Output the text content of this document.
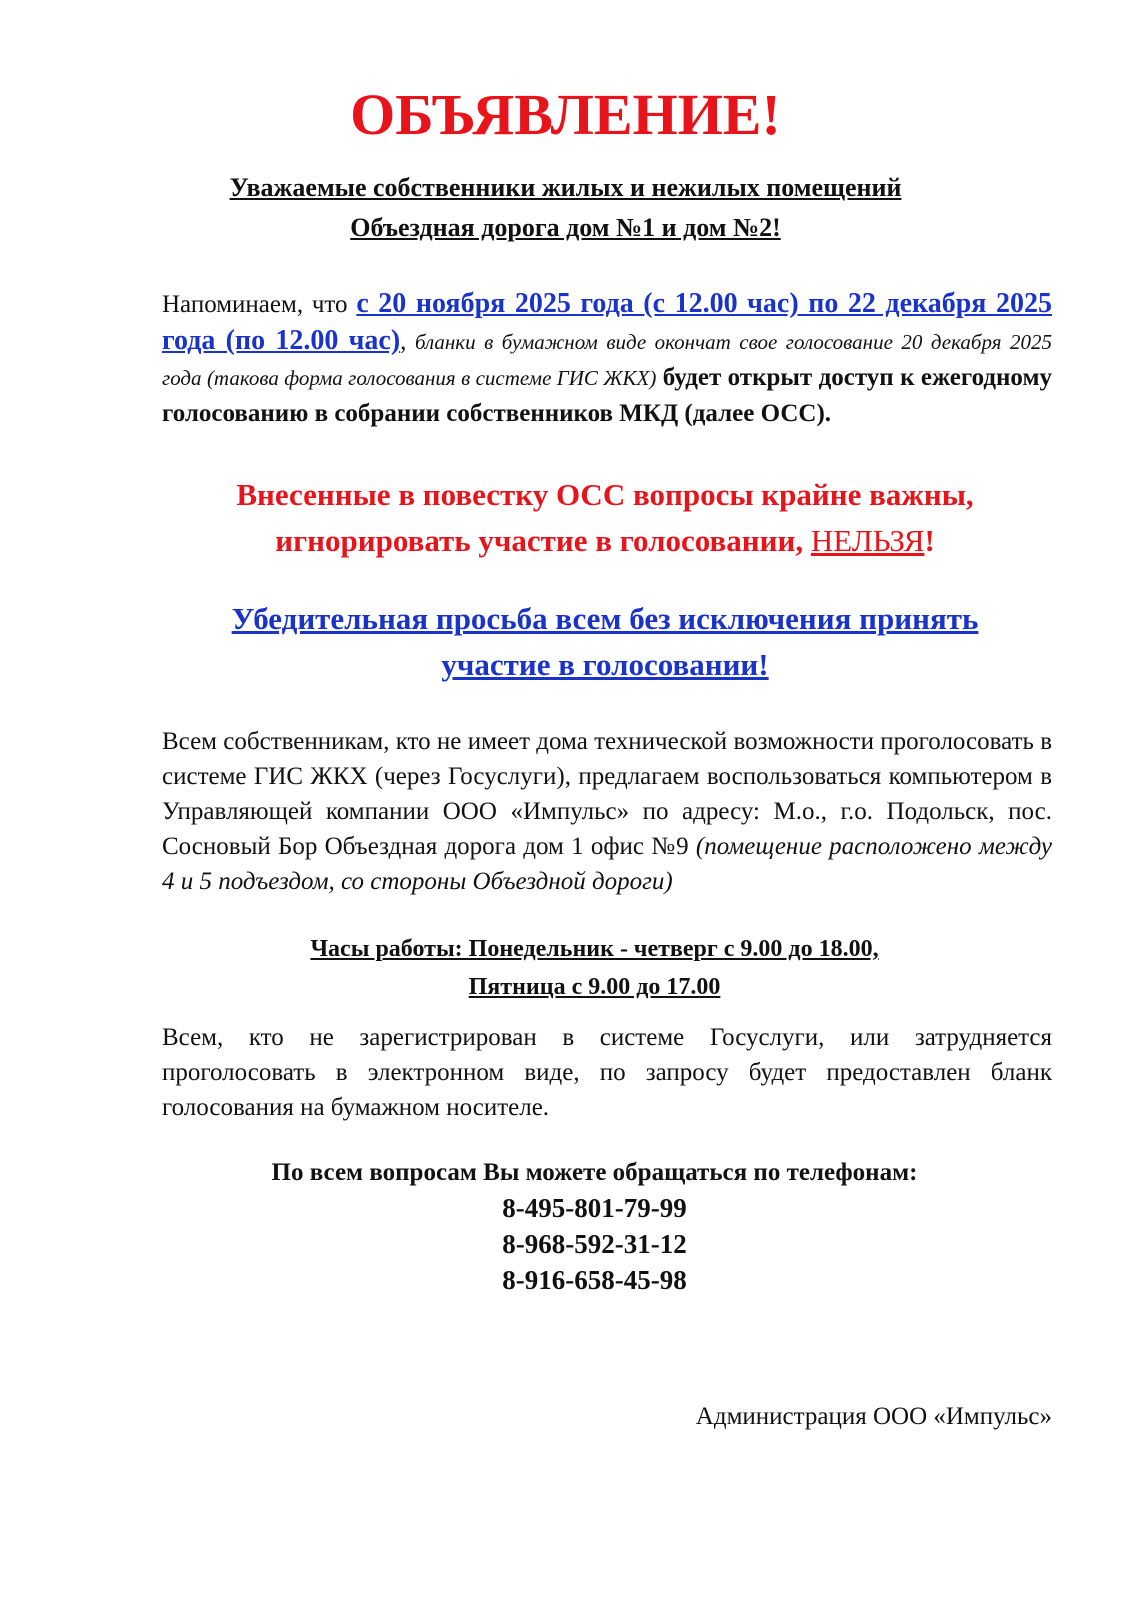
ОБЪЯВЛЕНИЕ!
Уважаемые собственники жилых и нежилых помещений
Объездная дорога дом №1 и дом №2!
Напоминаем, что с 20 ноября 2025 года (с 12.00 час) по 22 декабря 2025 года (по 12.00 час), бланки в бумажном виде окончат свое голосование 20 декабря 2025 года (такова форма голосования в системе ГИС ЖКХ) будет открыт доступ к ежегодному голосованию в собрании собственников МКД (далее ОСС).
Внесенные в повестку ОСС вопросы крайне важны,
игнорировать участие в голосовании, НЕЛЬЗЯ!
Убедительная просьба всем без исключения принять
участие в голосовании!
Всем собственникам, кто не имеет дома технической возможности проголосовать в системе ГИС ЖКХ (через Госуслуги), предлагаем воспользоваться компьютером в Управляющей компании ООО «Импульс» по адресу: М.о., г.о. Подольск, пос. Сосновый Бор Объездная дорога дом 1 офис №9 (помещение расположено между 4 и 5 подъездом, со стороны Объездной дороги)
Часы работы: Понедельник - четверг с 9.00 до 18.00,
Пятница с 9.00 до 17.00
Всем, кто не зарегистрирован в системе Госуслуги, или затрудняется проголосовать в электронном виде, по запросу будет предоставлен бланк голосования на бумажном носителе.
По всем вопросам Вы можете обращаться по телефонам:
8-495-801-79-99
8-968-592-31-12
8-916-658-45-98
Администрация ООО «Импульс»
